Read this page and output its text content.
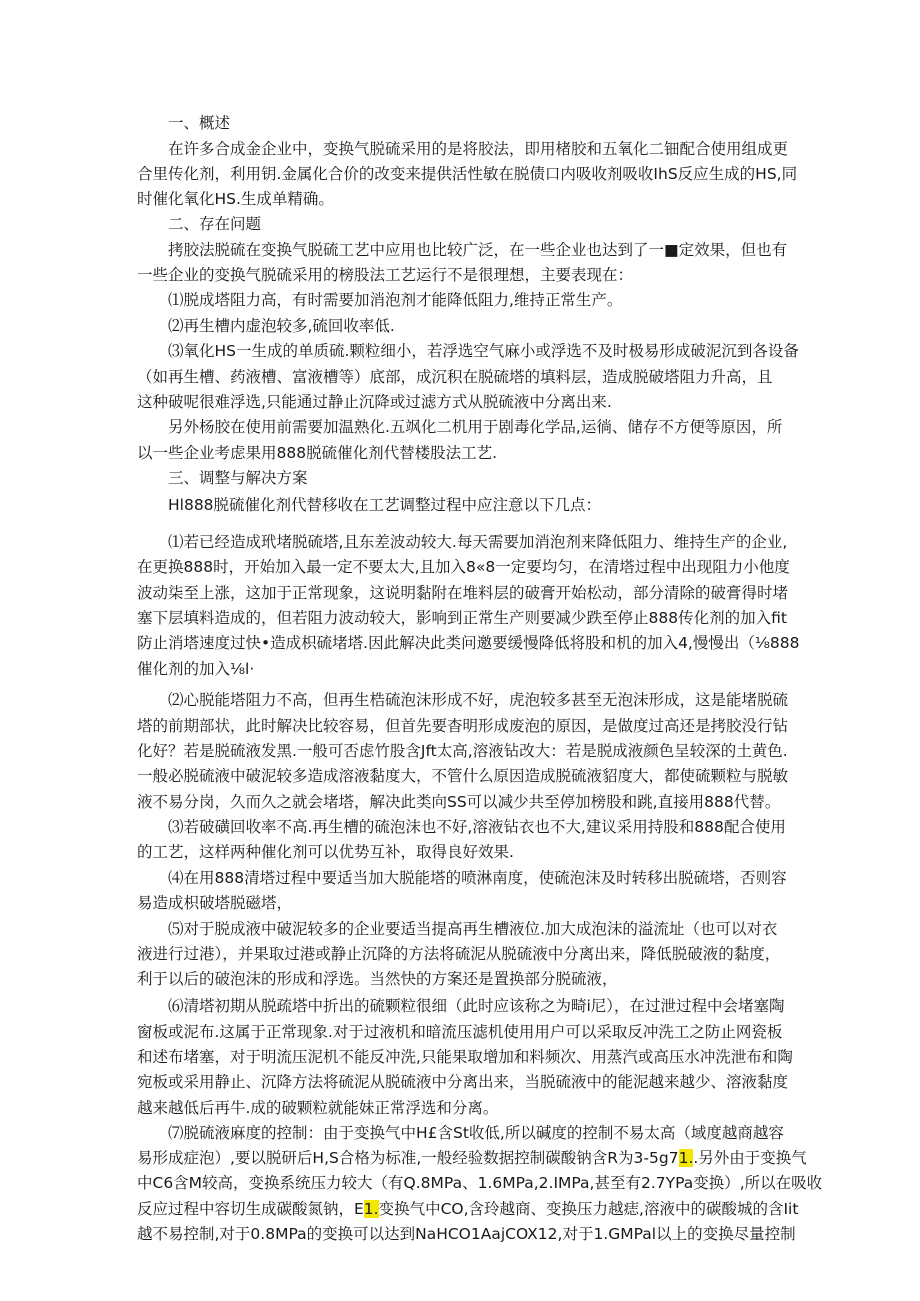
一、概述
在许多合成金企业中，变换气脱硫采用的是将胶法，即用楮胶和五氧化二钿配合使用组成更
合里传化剂，利用钥.金属化合价的改变来提供活性敏在脱债口内吸收剂吸收IhS反应生成的HS,同
时催化氧化HS.生成单精确。
二、存在问题
拷胶法脱硫在变换气脱硫工艺中应用也比较广泛，在一些企业也达到了一■定效果，但也有
一些企业的变换气脱硫采用的榜股法工艺运行不是很理想，主要表现在：
⑴脱成塔阻力高，有时需要加消泡剂才能降低阻力,维持正常生产。
⑵再生槽内虚泡较多,硫回收率低.
⑶氧化HS一生成的单质硫.颗粒细小，若浮选空气麻小或浮选不及时极易形成破泥沉到各设备
（如再生槽、药液槽、富液槽等）底部，成沉积在脱硫塔的填料层，造成脱破塔阻力升高，且
这种破呢很难浮选,只能通过静止沉降或过滤方式从脱硫液中分离出来.
另外杨胶在使用前需要加温熟化.五飒化二机用于剧毒化学品,运徜、储存不方便等原因，所
以一些企业考虑果用888脱硫催化剂代替楼股法工艺.
三、调整与解决方案
Hl888脱硫催化剂代替移收在工艺调整过程中应注意以下几点：
⑴若已经造成玳堵脱硫塔,且东差波动较大.每天需要加消泡剂来降低阻力、维持生产的企业,
在更换888时，开始加入最一定不要太大,且加入8«8一定要均匀，在清塔过程中出现阻力小他度
波动柒至上涨，这加于正常现象，这说明黏附在堆料层的破膏开始松动，部分清除的破膏得时堵
塞下层填料造成的，但若阻力波动较大，影响到正常生产则要减少跌至停止888传化剂的加入fit
防止消塔速度过快•造成枳硫堵塔.因此解决此类问邀要缓慢降低将股和机的加入4,慢慢出（⅛888
催化剂的加入⅛l·
⑵心脱能塔阻力不高，但再生梏硫泡沫形成不好，虎泡较多甚至无泡沫形成，这是能堵脱硫
塔的前期部状，此时解决比较容易，但首先要杳明形成废泡的原因，是做度过高还是拷胶没行钻
化好？若是脱硫液发黑.一般可否虑竹股含Jft太高,溶液钻改大：若是脱成液颜色呈较深的土黄色.
一般必脱硫液中破泥较多造成溶液黏度大，不管什么原因造成脱硫液貂度大，都使硫颗粒与脱敏
液不易分岗，久而久之就会堵塔，解决此类向SS可以减少共至停加榜股和跳,直接用888代替。
⑶若破磺回收率不高.再生槽的硫泡沫也不好,溶液钻衣也不大,建议采用持股和888配合使用
的工艺，这样两种催化剂可以优势互补，取得良好效果.
⑷在用888清塔过程中要适当加大脱能塔的喷淋南度，使硫泡沫及时转移出脱硫塔，否则容
易造成枳破塔脱磁塔，
⑸对于脱成液中破泥较多的企业要适当提高再生槽液位.加大成泡沫的溢流址（也可以对衣
液进行过港），并果取过港或静止沉降的方法将硫泥从脱硫液中分离出来，降低脱破液的黏度，
利于以后的破泡沫的形成和浮选。当然快的方案还是置换部分脱硫液，
⑹清塔初期从脱疏塔中折出的硫颗粒很细（此时应该称之为畸i尼），在过泄过程中会堵塞陶
窗板或泥布.这属于正常现象.对于过液机和暗流压滤机使用用户可以采取反冲洗工之防止网瓷板
和述布堵塞，对于明流压泥机不能反冲洗,只能果取增加和料频次、用蒸汽或高压水冲洗泄布和陶
宛板或采用静止、沉降方法将硫泥从脱硫液中分离出来，当脱硫液中的能泥越来越少、溶液黏度
越来越低后再牛.成的破颗粒就能妹正常浮选和分离。
⑺脱硫液麻度的控制：由于变换气中H£含St收低,所以碱度的控制不易太高（域度越商越容
易形成症泡）,要以脱研后H,S合格为标准,一般经验数据控制碳酸钠含R为3-5g71..另外由于变换气
中C6含M较高，变换系统压力较大（有Q.8MPa、1.6MPa,2.IMPa,甚至有2.7YPa变换）,所以在吸收
反应过程中容切生成碳酸氮钠，E1.变换气中CO,含玲越商、变换压力越痣,溶液中的碳酸城的含Iit
越不易控制,对于0.8MPa的变换可以达到NaHCO1AajCOX12,对于1.GMPal以上的变换尽量控制
